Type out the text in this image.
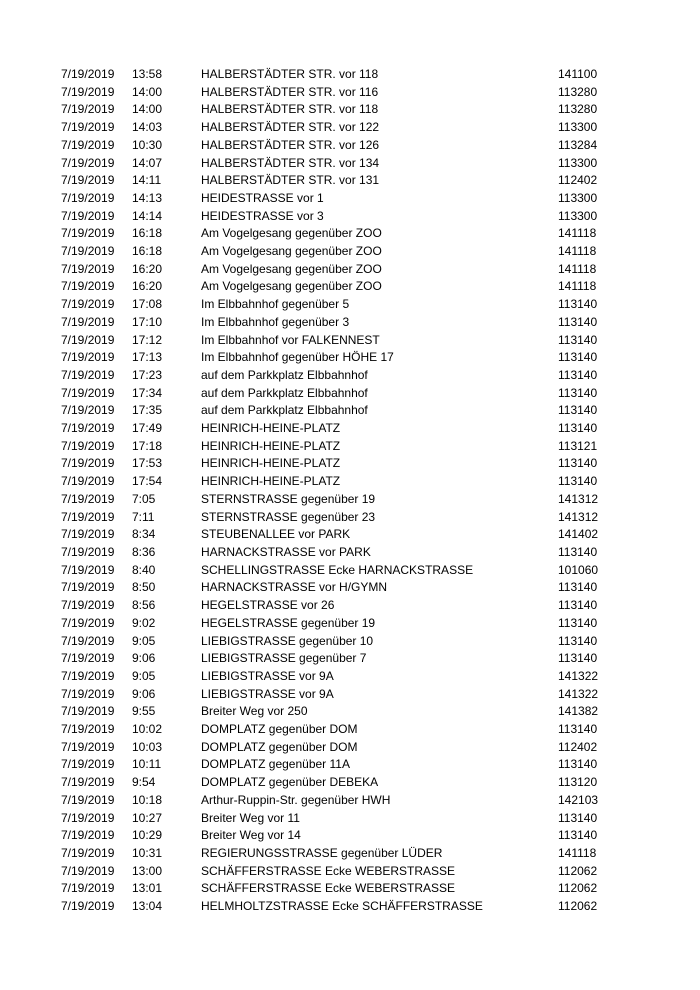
7/19/2019	13:58	HALBERSTÄDTER STR. vor 118	141100
7/19/2019	14:00	HALBERSTÄDTER STR. vor 116	113280
7/19/2019	14:00	HALBERSTÄDTER STR. vor 118	113280
7/19/2019	14:03	HALBERSTÄDTER STR. vor 122	113300
7/19/2019	10:30	HALBERSTÄDTER STR. vor 126	113284
7/19/2019	14:07	HALBERSTÄDTER STR. vor 134	113300
7/19/2019	14:11	HALBERSTÄDTER STR. vor 131	112402
7/19/2019	14:13	HEIDESTRASSE vor 1	113300
7/19/2019	14:14	HEIDESTRASSE vor 3	113300
7/19/2019	16:18	Am Vogelgesang gegenüber ZOO	141118
7/19/2019	16:18	Am Vogelgesang gegenüber ZOO	141118
7/19/2019	16:20	Am Vogelgesang gegenüber ZOO	141118
7/19/2019	16:20	Am Vogelgesang gegenüber ZOO	141118
7/19/2019	17:08	Im Elbbahnhof gegenüber 5	113140
7/19/2019	17:10	Im Elbbahnhof gegenüber 3	113140
7/19/2019	17:12	Im Elbbahnhof vor FALKENNEST	113140
7/19/2019	17:13	Im Elbbahnhof gegenüber HÖHE 17	113140
7/19/2019	17:23	auf dem Parkkplatz Elbbahnhof	113140
7/19/2019	17:34	auf dem Parkkplatz Elbbahnhof	113140
7/19/2019	17:35	auf dem Parkkplatz Elbbahnhof	113140
7/19/2019	17:49	HEINRICH-HEINE-PLATZ	113140
7/19/2019	17:18	HEINRICH-HEINE-PLATZ	113121
7/19/2019	17:53	HEINRICH-HEINE-PLATZ	113140
7/19/2019	17:54	HEINRICH-HEINE-PLATZ	113140
7/19/2019	7:05	STERNSTRASSE gegenüber 19	141312
7/19/2019	7:11	STERNSTRASSE gegenüber 23	141312
7/19/2019	8:34	STEUBENALLEE vor PARK	141402
7/19/2019	8:36	HARNACKSTRASSE vor PARK	113140
7/19/2019	8:40	SCHELLINGSTRASSE Ecke HARNACKSTRASSE	101060
7/19/2019	8:50	HARNACKSTRASSE vor H/GYMN	113140
7/19/2019	8:56	HEGELSTRASSE vor 26	113140
7/19/2019	9:02	HEGELSTRASSE gegenüber 19	113140
7/19/2019	9:05	LIEBIGSTRASSE gegenüber 10	113140
7/19/2019	9:06	LIEBIGSTRASSE gegenüber 7	113140
7/19/2019	9:05	LIEBIGSTRASSE vor 9A	141322
7/19/2019	9:06	LIEBIGSTRASSE vor 9A	141322
7/19/2019	9:55	Breiter Weg vor 250	141382
7/19/2019	10:02	DOMPLATZ gegenüber DOM	113140
7/19/2019	10:03	DOMPLATZ gegenüber DOM	112402
7/19/2019	10:11	DOMPLATZ gegenüber 11A	113140
7/19/2019	9:54	DOMPLATZ gegenüber DEBEKA	113120
7/19/2019	10:18	Arthur-Ruppin-Str. gegenüber HWH	142103
7/19/2019	10:27	Breiter Weg vor 11	113140
7/19/2019	10:29	Breiter Weg vor 14	113140
7/19/2019	10:31	REGIERUNGSSTRASSE gegenüber LÜDER	141118
7/19/2019	13:00	SCHÄFFERSTRASSE Ecke WEBERSTRASSE	112062
7/19/2019	13:01	SCHÄFFERSTRASSE Ecke WEBERSTRASSE	112062
7/19/2019	13:04	HELMHOLTZSTRASSE Ecke SCHÄFFERSTRASSE	112062
